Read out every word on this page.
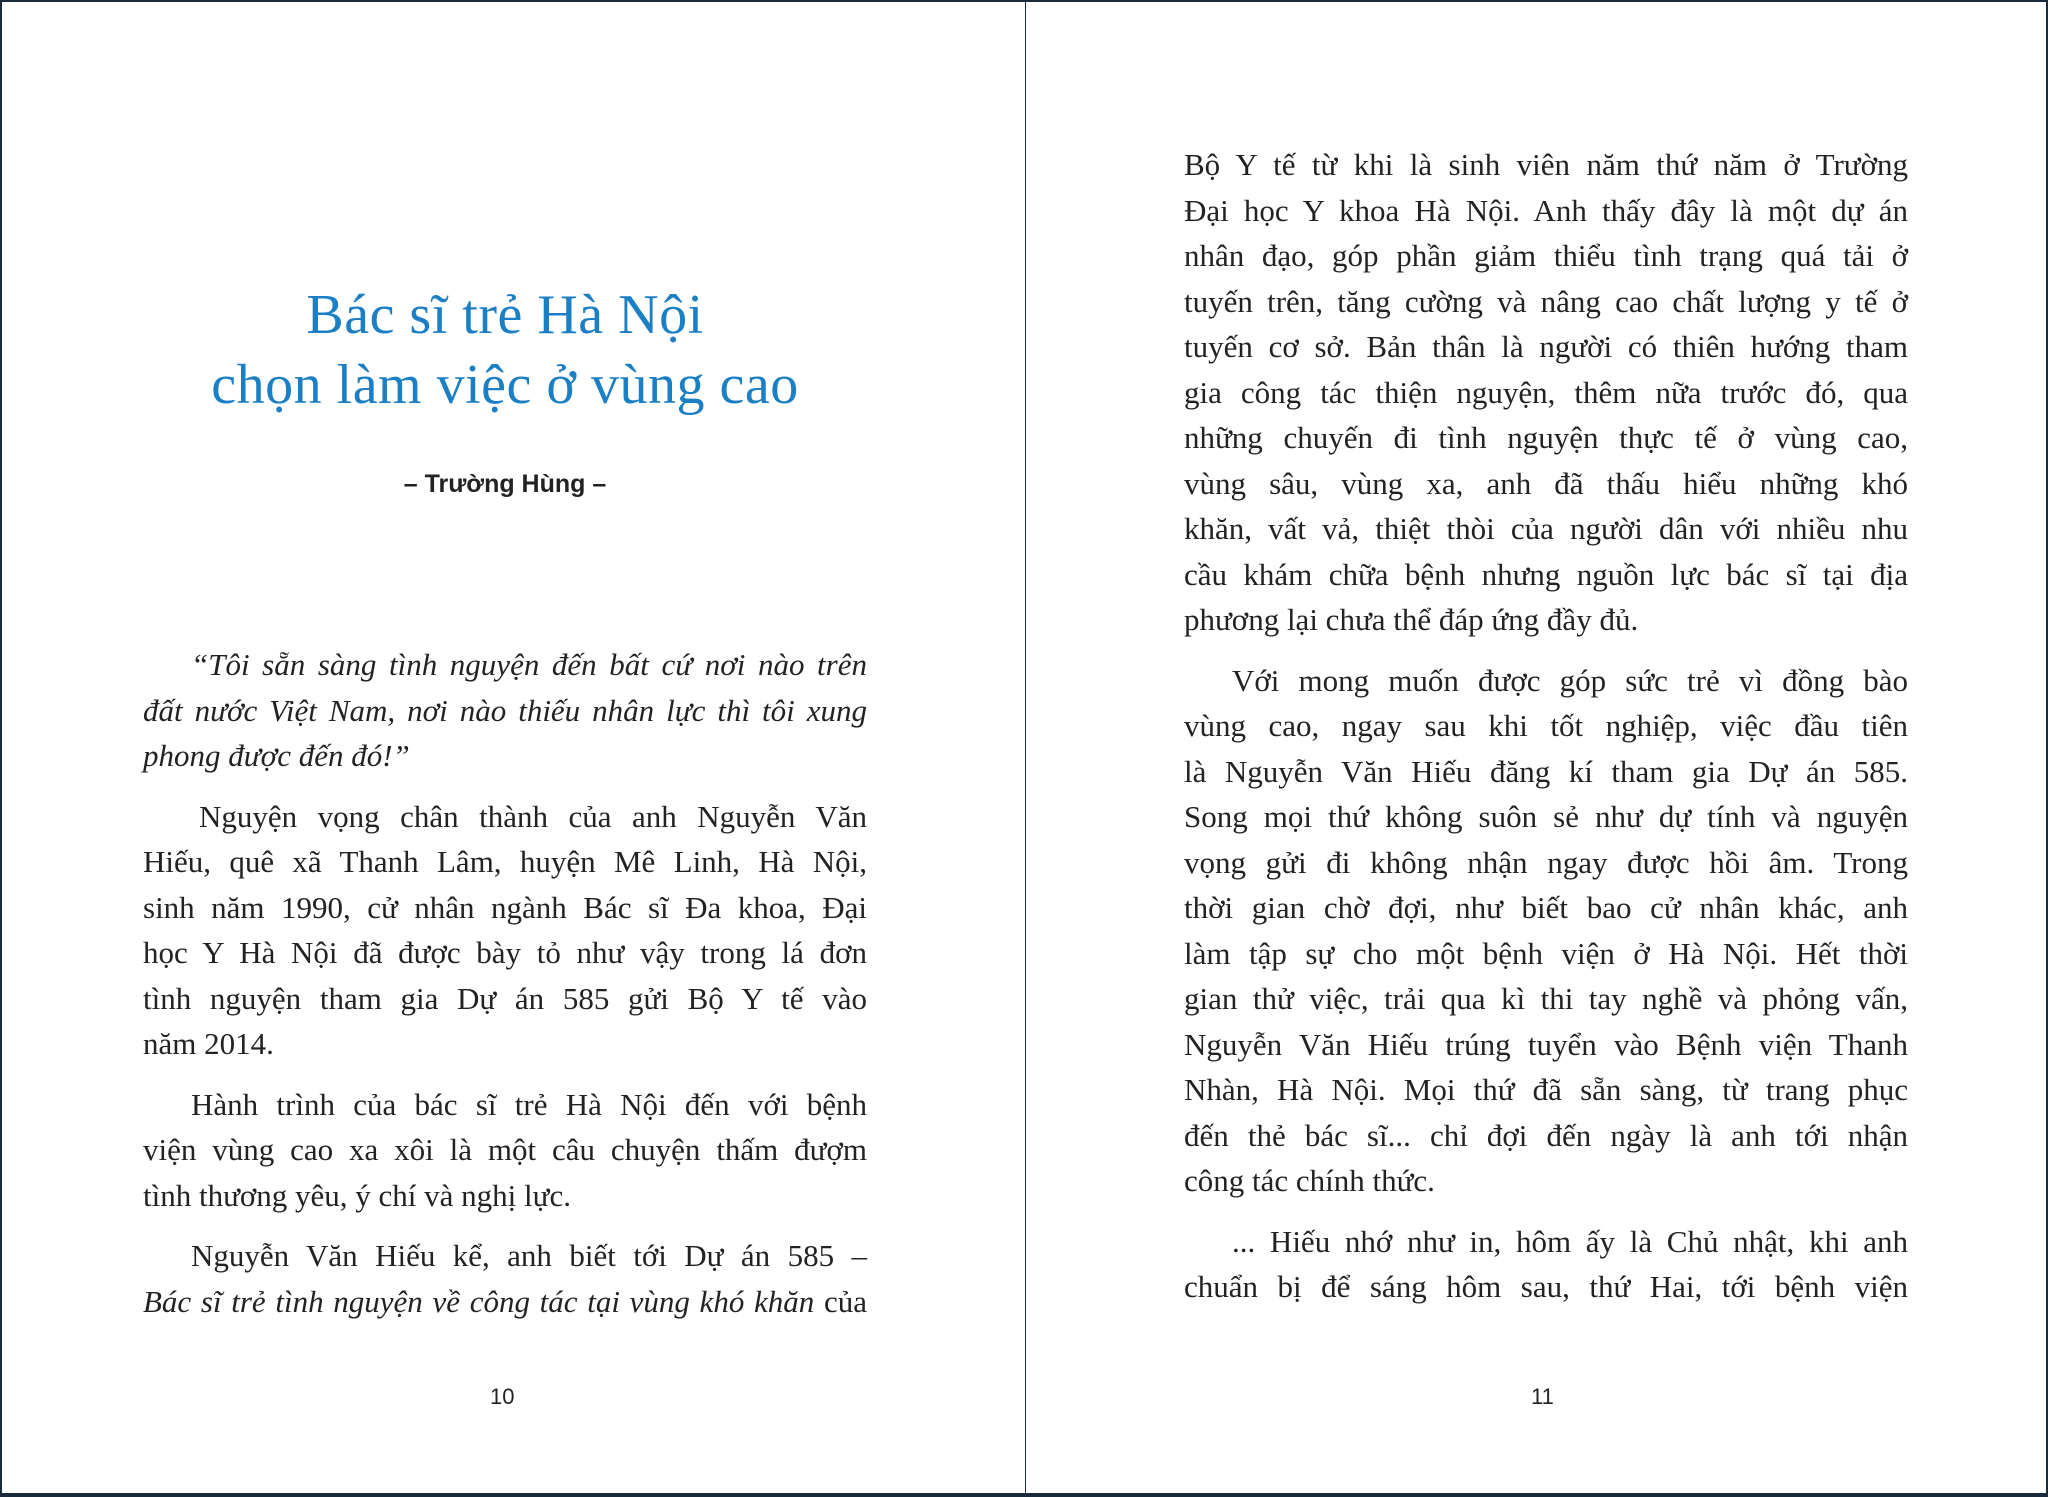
Bác sĩ trẻ Hà Nội
chọn làm việc ở vùng cao
– Trường Hùng –
“Tôi sẵn sàng tình nguyện đến bất cứ nơi nào trên
đất nước Việt Nam, nơi nào thiếu nhân lực thì tôi xung
phong được đến đó!”
Nguyện vọng chân thành của anh Nguyễn Văn
Hiếu, quê xã Thanh Lâm, huyện Mê Linh, Hà Nội,
sinh năm 1990, cử nhân ngành Bác sĩ Đa khoa, Đại
học Y Hà Nội đã được bày tỏ như vậy trong lá đơn
tình nguyện tham gia Dự án 585 gửi Bộ Y tế vào
năm 2014.
Hành trình của bác sĩ trẻ Hà Nội đến với bệnh
viện vùng cao xa xôi là một câu chuyện thấm đượm
tình thương yêu, ý chí và nghị lực.
Nguyễn Văn Hiếu kể, anh biết tới Dự án 585 –
Bác sĩ trẻ tình nguyện về công tác tại vùng khó khăn của
10
Bộ Y tế từ khi là sinh viên năm thứ năm ở Trường
Đại học Y khoa Hà Nội. Anh thấy đây là một dự án
nhân đạo, góp phần giảm thiểu tình trạng quá tải ở
tuyến trên, tăng cường và nâng cao chất lượng y tế ở
tuyến cơ sở. Bản thân là người có thiên hướng tham
gia công tác thiện nguyện, thêm nữa trước đó, qua
những chuyến đi tình nguyện thực tế ở vùng cao,
vùng sâu, vùng xa, anh đã thấu hiểu những khó
khăn, vất vả, thiệt thòi của người dân với nhiều nhu
cầu khám chữa bệnh nhưng nguồn lực bác sĩ tại địa
phương lại chưa thể đáp ứng đầy đủ.
Với mong muốn được góp sức trẻ vì đồng bào
vùng cao, ngay sau khi tốt nghiệp, việc đầu tiên
là Nguyễn Văn Hiếu đăng kí tham gia Dự án 585.
Song mọi thứ không suôn sẻ như dự tính và nguyện
vọng gửi đi không nhận ngay được hồi âm. Trong
thời gian chờ đợi, như biết bao cử nhân khác, anh
làm tập sự cho một bệnh viện ở Hà Nội. Hết thời
gian thử việc, trải qua kì thi tay nghề và phỏng vấn,
Nguyễn Văn Hiếu trúng tuyển vào Bệnh viện Thanh
Nhàn, Hà Nội. Mọi thứ đã sẵn sàng, từ trang phục
đến thẻ bác sĩ... chỉ đợi đến ngày là anh tới nhận
công tác chính thức.
... Hiếu nhớ như in, hôm ấy là Chủ nhật, khi anh
chuẩn bị để sáng hôm sau, thứ Hai, tới bệnh viện
11
